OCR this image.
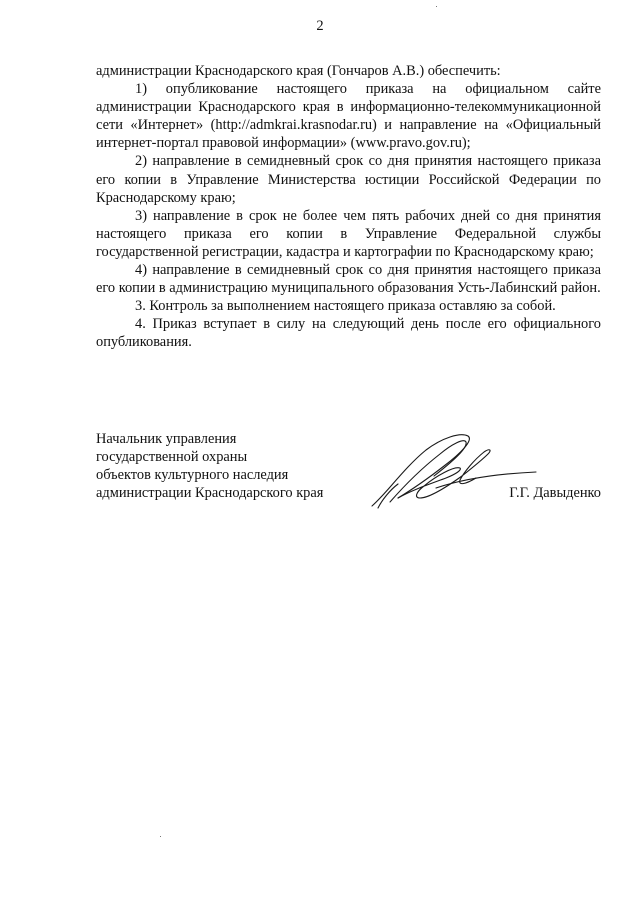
2

администрации Краснодарского края (Гончаров А.В.) обеспечить:

1) опубликование настоящего приказа на официальном сайте администрации Краснодарского края в информационно-телекоммуникационной сети «Интернет» (http://admkrai.krasnodar.ru) и направление на «Официальный интернет-портал правовой информации» (www.pravo.gov.ru);

2) направление в семидневный срок со дня принятия настоящего приказа его копии в Управление Министерства юстиции Российской Федерации по Краснодарскому краю;

3) направление в срок не более чем пять рабочих дней со дня принятия настоящего приказа его копии в Управление Федеральной службы государственной регистрации, кадастра и картографии по Краснодарскому краю;

4) направление в семидневный срок со дня принятия настоящего приказа его копии в администрацию муниципального образования Усть-Лабинский район.

3. Контроль за выполнением настоящего приказа оставляю за собой.

4. Приказ вступает в силу на следующий день после его официального опубликования.

Начальник управления
государственной охраны
объектов культурного наследия
администрации Краснодарского края	Г.Г. Давыденко
